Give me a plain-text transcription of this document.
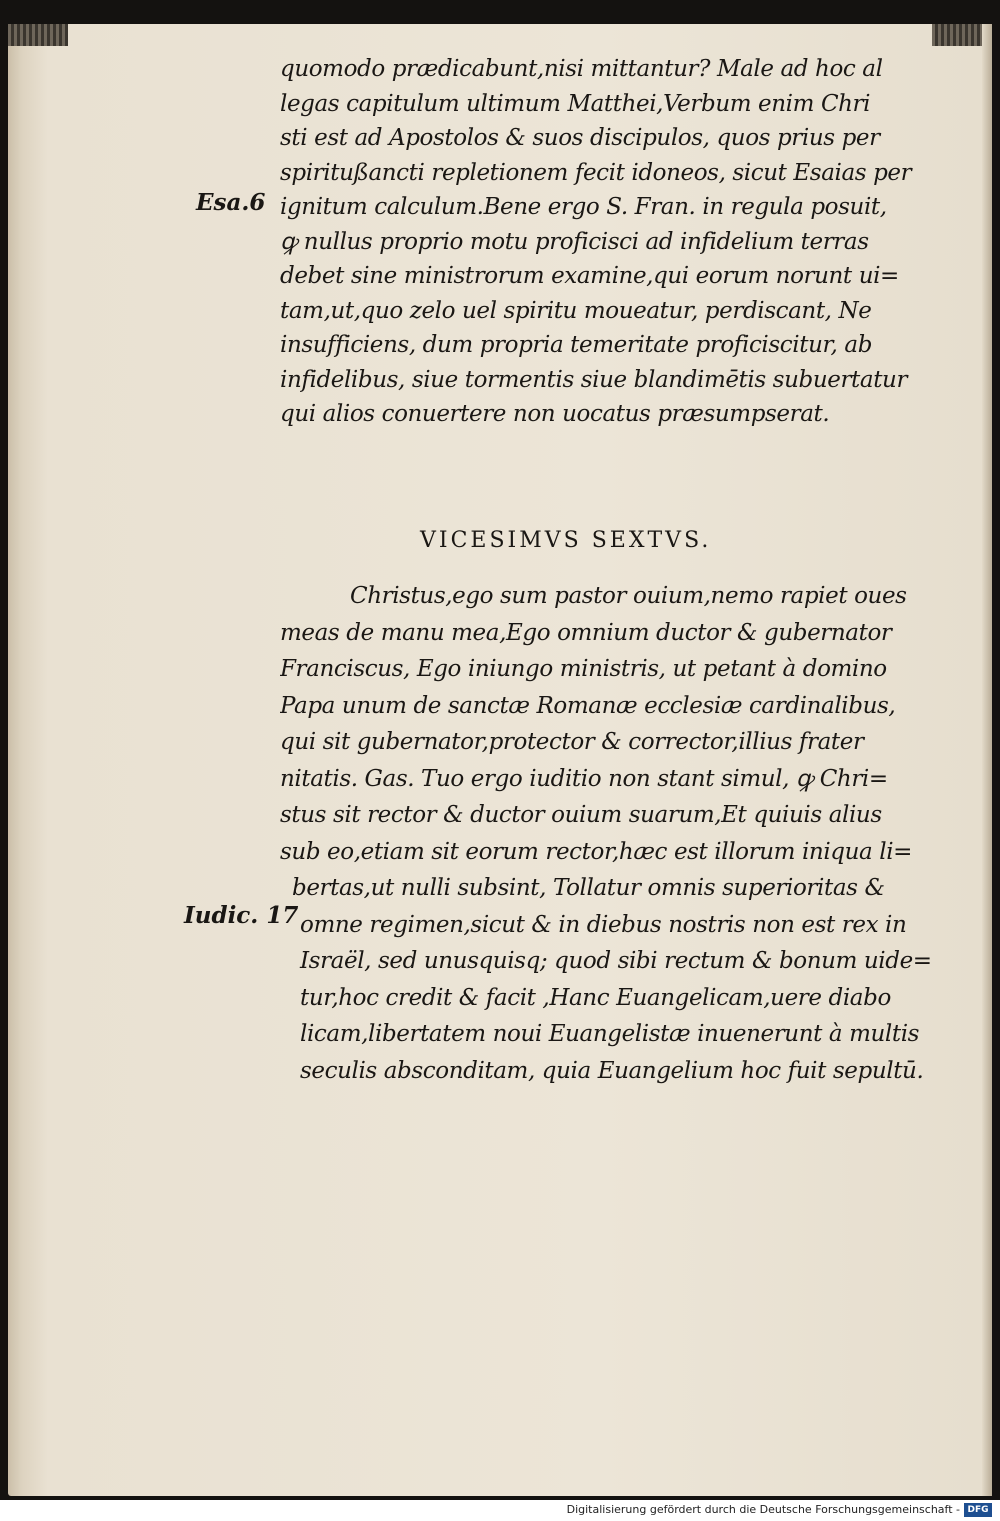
quomodo prædicabunt,nisi mittantur? Male ad hoc al
legas capitulum ultimum Matthei,Verbum enim Chri
sti est ad Apostolos & suos discipulos, quos prius per
spiritußancti repletionem fecit idoneos, sicut Esaias per
ignitum calculum.Bene ergo S. Fran. in regula posuit,
ꝙ nullus proprio motu proficisci ad infidelium terras
debet sine ministrorum examine,qui eorum norunt ui=
tam,ut,quo zelo uel spiritu moueatur, perdiscant, Ne
insufficiens, dum propria temeritate proficiscitur, ab
infidelibus, siue tormentis siue blandimētis subuertatur
qui alios conuertere non uocatus præsumpserat.
Esa.6
VICESIMVS SEXTVS.
Christus,ego sum pastor ouium,nemo rapiet oues
meas de manu mea,Ego omnium ductor & gubernator
Franciscus, Ego iniungo ministris, ut petant à domino
Papa unum de sanctæ Romanæ ecclesiæ cardinalibus,
qui sit gubernator,protector & corrector,illius frater
nitatis. Gas. Tuo ergo iuditio non stant simul, ꝙ Chri=
stus sit rector & ductor ouium suarum,Et quiuis alius
sub eo,etiam sit eorum rector,hæc est illorum iniqua li=
bertas,ut nulli subsint, Tollatur omnis superioritas &
omne regimen,sicut & in diebus nostris non est rex in
Israël, sed unusquisq; quod sibi rectum & bonum uide=
tur,hoc credit & facit ,Hanc Euangelicam,uere diabo
licam,libertatem noui Euangelistæ inuenerunt à multis
seculis absconditam, quia Euangelium hoc fuit sepultū.
Iudic. 17
Digitalisierung gefördert durch die Deutsche Forschungsgemeinschaft - DFG
